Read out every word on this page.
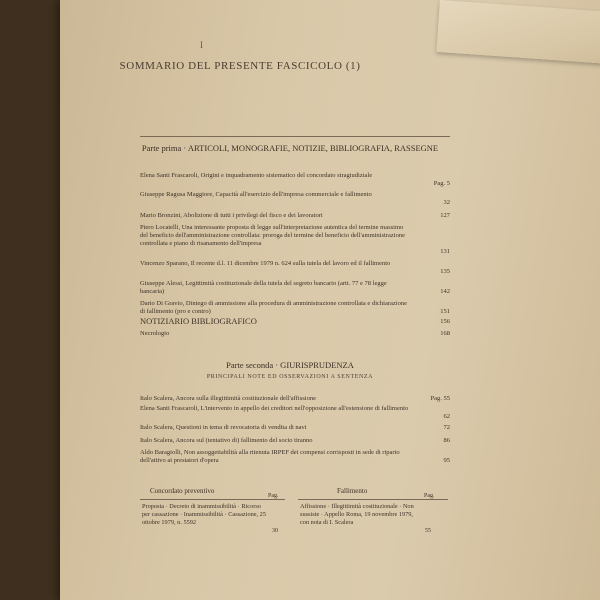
I
SOMMARIO DEL PRESENTE FASCICOLO (1)
Parte prima · ARTICOLI, MONOGRAFIE, NOTIZIE, BIBLIOGRAFIA, RASSEGNE
Elena Santi Frascaroli, Origini e inquadramento sistematico del concordato stragiudiziale
Pag. 5
Giuseppe Ragusa Maggiore, Capacità all'esercizio dell'impresa commerciale e fallimento
32
Mario Bronzini, Abolizione di tutti i privilegi del fisco e dei lavoratori	127
Piero Locatelli, Una interessante proposta di legge sull'interpretazione autentica del termine massimo del beneficio dell'amministrazione controllata: proroga del termine del beneficio dell'amministrazione controllata e piano di risanamento dell'impresa
131
Vincenzo Sparano, Il recente d.l. 11 dicembre 1979 n. 624 sulla tutela del lavoro ed il fallimento
135
Giuseppe Alessi, Legittimità costituzionale della tutela del segreto bancario (artt. 77 e 78 legge bancaria)	142
Dario Di Gravio, Diniego di ammissione alla procedura di amministrazione controllata e dichiarazione di fallimento (pro e contro)	151
NOTIZIARIO BIBLIOGRAFICO	156
Necrologio	168
Parte seconda · GIURISPRUDENZA
PRINCIPALI NOTE ED OSSERVAZIONI A SENTENZA
Italo Scalera, Ancora sulla illegittimità costituzionale dell'affissione	Pag. 55
Elena Santi Frascaroli, L'intervento in appello dei creditori nell'opposizione all'estensione di fallimento
62
Italo Scalera, Questioni in tema di revocatoria di vendita di navi	72
Italo Scalera, Ancora sul (tentativo di) fallimento del socio tiranno	86
Aldo Baragiolli, Non assoggettabilità alla ritenuta IRPEF dei compensi corrisposti in sede di riparto dell'attivo ai prestatori d'opera	95
Concordato preventivo
Pag.
Proposta · Decreto di inammissibilità · Ricorso per cassazione · Inammissibilità · Cassazione, 25 ottobre 1979, n. 5592
30
Fallimento
Pag.
Affissione · Illegittimità costituzionale · Non sussiste · Appello Roma, 19 novembre 1979, con nota di I. Scalera
55
